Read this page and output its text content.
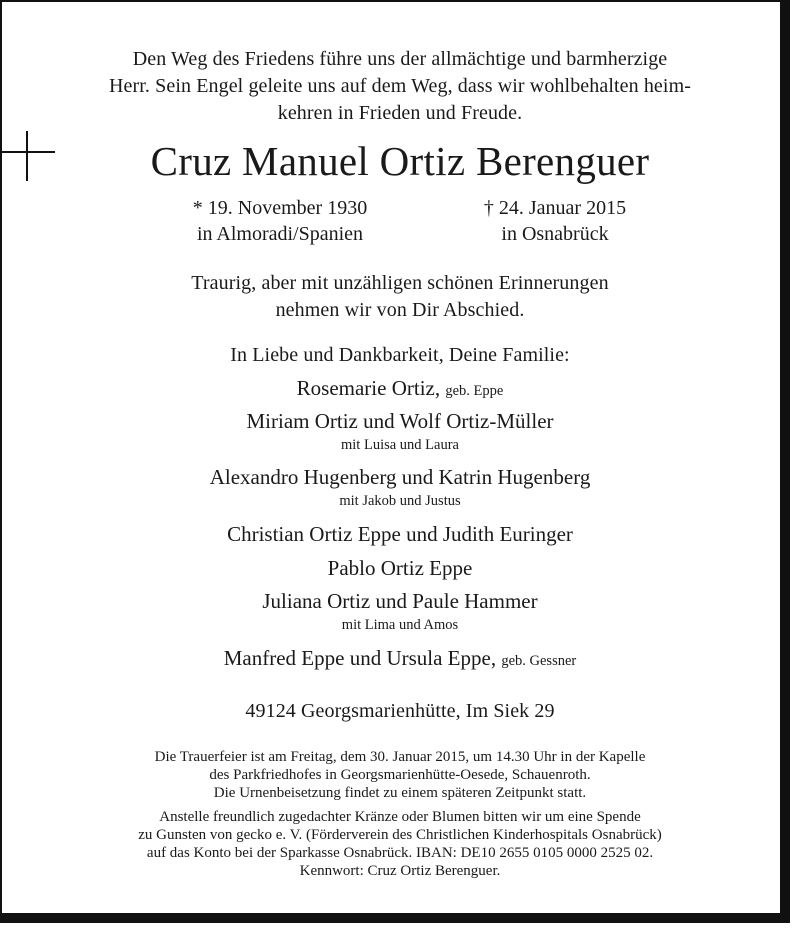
Den Weg des Friedens führe uns der allmächtige und barmherzige
Herr. Sein Engel geleite uns auf dem Weg, dass wir wohlbehalten heim-
kehren in Frieden und Freude.
Cruz Manuel Ortiz Berenguer
* 19. November 1930
in Almoradi/Spanien
† 24. Januar 2015
in Osnabrück
Traurig, aber mit unzähligen schönen Erinnerungen
nehmen wir von Dir Abschied.
In Liebe und Dankbarkeit, Deine Familie:
Rosemarie Ortiz, geb. Eppe
Miriam Ortiz und Wolf Ortiz-Müller
mit Luisa und Laura
Alexandro Hugenberg und Katrin Hugenberg
mit Jakob und Justus
Christian Ortiz Eppe und Judith Euringer
Pablo Ortiz Eppe
Juliana Ortiz und Paule Hammer
mit Lima und Amos
Manfred Eppe und Ursula Eppe, geb. Gessner
49124 Georgsmarienhütte, Im Siek 29
Die Trauerfeier ist am Freitag, dem 30. Januar 2015, um 14.30 Uhr in der Kapelle
des Parkfriedhofes in Georgsmarienhütte-Oesede, Schauenroth.
Die Urnenbeisetzung findet zu einem späteren Zeitpunkt statt.
Anstelle freundlich zugedachter Kränze oder Blumen bitten wir um eine Spende
zu Gunsten von gecko e. V. (Förderverein des Christlichen Kinderhospitals Osnabrück)
auf das Konto bei der Sparkasse Osnabrück. IBAN: DE10 2655 0105 0000 2525 02.
Kennwort: Cruz Ortiz Berenguer.
